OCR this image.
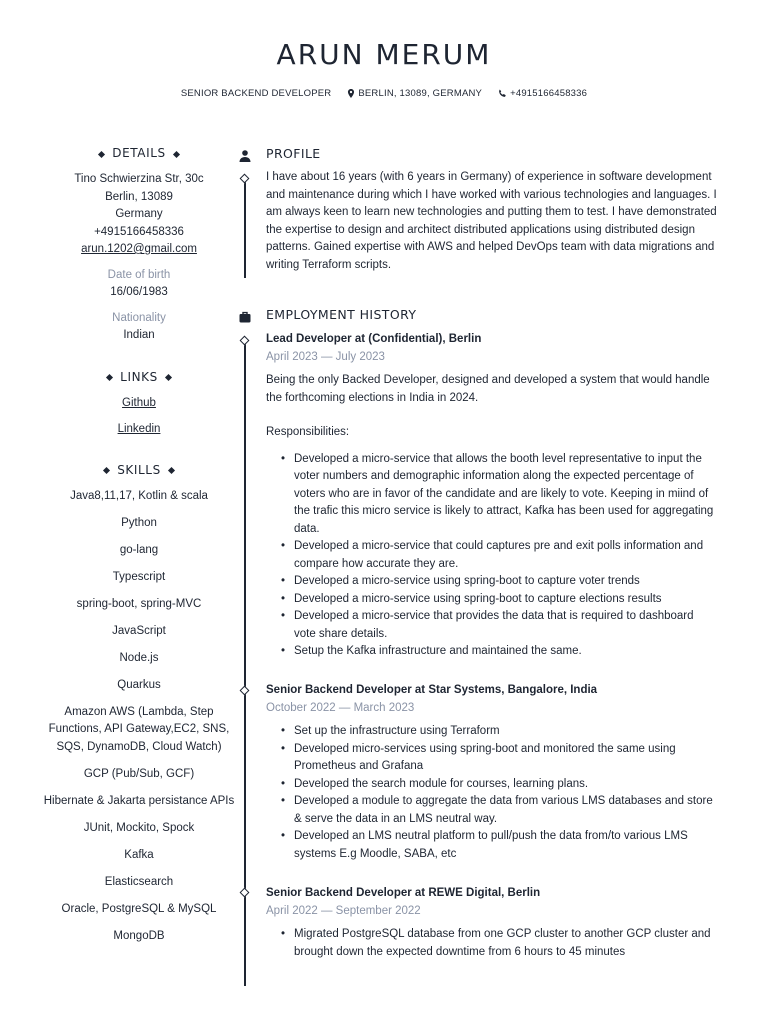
ARUN MERUM
SENIOR BACKEND DEVELOPER	BERLIN, 13089, GERMANY	+4915166458336
DETAILS
Tino Schwierzina Str, 30c
Berlin, 13089
Germany
+4915166458336
arun.1202@gmail.com
Date of birth
16/06/1983
Nationality
Indian
LINKS
Github
Linkedin
SKILLS
Java8,11,17, Kotlin & scala
Python
go-lang
Typescript
spring-boot, spring-MVC
JavaScript
Node.js
Quarkus
Amazon AWS (Lambda, Step Functions, API Gateway,EC2, SNS, SQS, DynamoDB, Cloud Watch)
GCP (Pub/Sub, GCF)
Hibernate & Jakarta persistance APIs
JUnit, Mockito, Spock
Kafka
Elasticsearch
Oracle, PostgreSQL & MySQL
MongoDB
PROFILE
I have about 16 years (with 6 years in Germany) of experience in software development and maintenance during which I have worked with various technologies and languages. I am always keen to learn new technologies and putting them to test. I have demonstrated the expertise to design and architect distributed applications using distributed design patterns. Gained expertise with AWS and helped DevOps team with data migrations and writing Terraform scripts.
EMPLOYMENT HISTORY
Lead Developer at (Confidential), Berlin
April 2023 — July 2023
Being the only Backed Developer, designed and developed a system that would handle the forthcoming elections in India in 2024.
Responsibilities:
• Developed a micro-service that allows the booth level representative to input the voter numbers and demographic information along the expected percentage of voters who are in favor of the candidate and are likely to vote. Keeping in miind of the trafic this micro service is likely to attract, Kafka has been used for aggregating data.
• Developed a micro-service that could captures pre and exit polls information and compare how accurate they are.
• Developed a micro-service using spring-boot to capture voter trends
• Developed a micro-service using spring-boot to capture elections results
• Developed a micro-service that provides the data that is required to dashboard vote share details.
• Setup the Kafka infrastructure and maintained the same.
Senior Backend Developer at Star Systems, Bangalore, India
October 2022 — March 2023
• Set up the infrastructure using Terraform
• Developed micro-services using spring-boot and monitored the same using Prometheus and Grafana
• Developed the search module for courses, learning plans.
• Developed a module to aggregate the data from various LMS databases and store & serve the data in an LMS neutral way.
• Developed an LMS neutral platform to pull/push the data from/to various LMS systems E.g Moodle, SABA, etc
Senior Backend Developer at REWE Digital, Berlin
April 2022 — September 2022
• Migrated PostgreSQL database from one GCP cluster to another GCP cluster and brought down the expected downtime from 6 hours to 45 minutes
